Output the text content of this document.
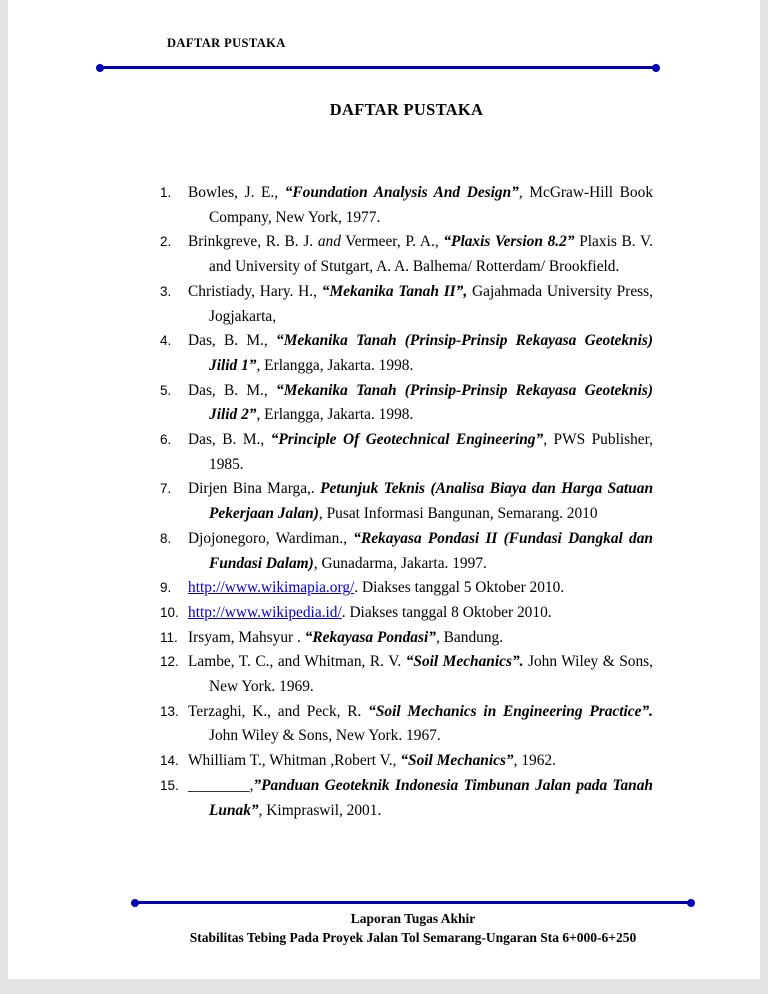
DAFTAR PUSTAKA
DAFTAR PUSTAKA
1.	Bowles, J. E., “Foundation Analysis And Design”, McGraw-Hill Book Company, New York, 1977.
2.	Brinkgreve, R. B. J. and Vermeer, P. A., “Plaxis Version 8.2” Plaxis B. V. and University of Stutgart, A. A. Balhema/ Rotterdam/ Brookfield.
3.	Christiady, Hary. H., “Mekanika Tanah II”, Gajahmada University Press, Jogjakarta,
4.	Das, B. M., “Mekanika Tanah (Prinsip-Prinsip Rekayasa Geoteknis) Jilid 1”, Erlangga, Jakarta. 1998.
5.	Das, B. M., “Mekanika Tanah (Prinsip-Prinsip Rekayasa Geoteknis) Jilid 2”, Erlangga, Jakarta. 1998.
6.	Das, B. M., “Principle Of Geotechnical Engineering”, PWS Publisher, 1985.
7.	Dirjen Bina Marga,. Petunjuk Teknis (Analisa Biaya dan Harga Satuan Pekerjaan Jalan), Pusat Informasi Bangunan, Semarang. 2010
8.	Djojonegoro, Wardiman., “Rekayasa Pondasi II (Fundasi Dangkal dan Fundasi Dalam), Gunadarma, Jakarta. 1997.
9.	http://www.wikimapia.org/. Diakses tanggal 5 Oktober 2010.
10. http://www.wikipedia.id/. Diakses tanggal 8 Oktober 2010.
11. Irsyam, Mahsyur . “Rekayasa Pondasi”, Bandung.
12. Lambe, T. C., and Whitman, R. V. “Soil Mechanics”. John Wiley & Sons, New York. 1969.
13. Terzaghi, K., and Peck, R. “Soil Mechanics in Engineering Practice”. John Wiley & Sons, New York. 1967.
14. Whilliam T., Whitman ,Robert V., “Soil Mechanics”, 1962.
15. ________,”Panduan Geoteknik Indonesia Timbunan Jalan pada Tanah Lunak”, Kimpraswil, 2001.
Laporan Tugas Akhir
Stabilitas Tebing Pada Proyek Jalan Tol Semarang-Ungaran Sta 6+000-6+250
